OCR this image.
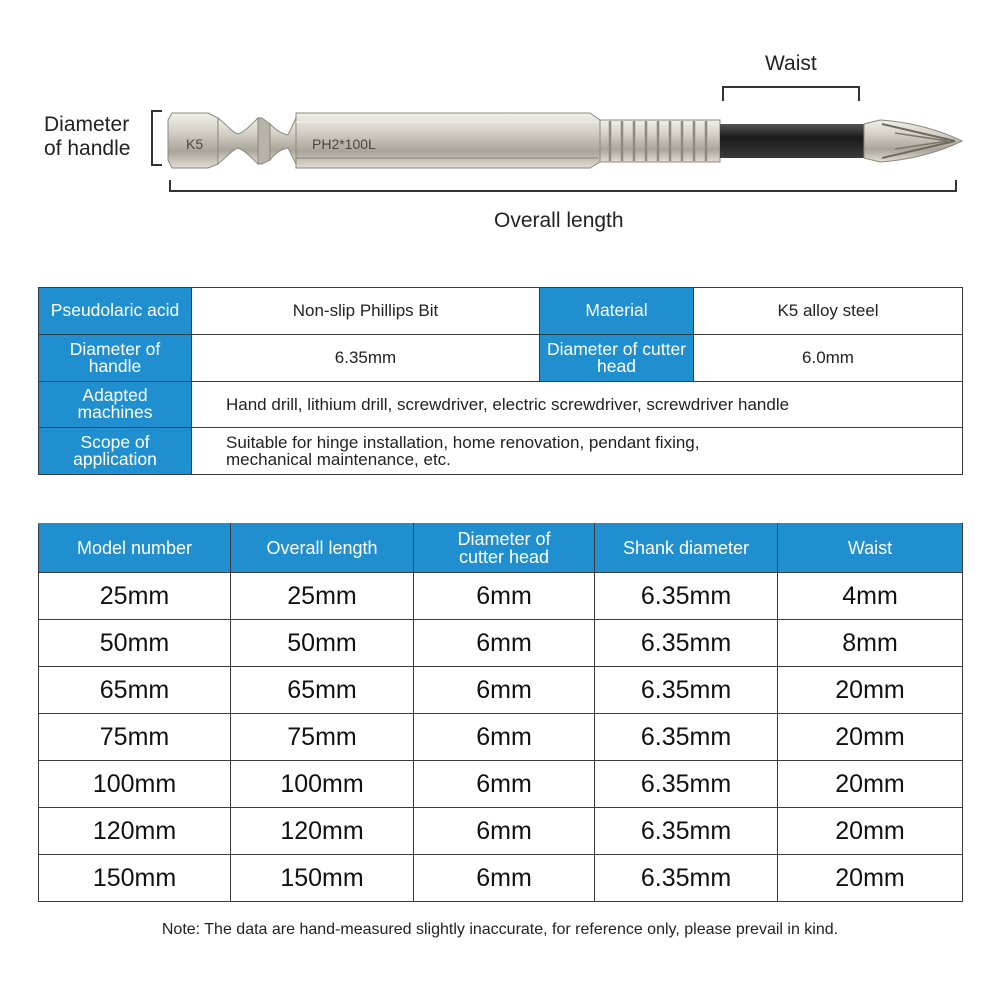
Diameter
of handle
Waist
Overall length
K5	PH2*100L
Pseudolaric acid	Non-slip Phillips Bit	Material	K5 alloy steel
Diameter of handle	6.35mm	Diameter of cutter head	6.0mm
Adapted machines	Hand drill, lithium drill, screwdriver, electric screwdriver, screwdriver handle		
Scope of application	Suitable for hinge installation, home renovation, pendant fixing, mechanical maintenance, etc.		
Model number	Overall length	Diameter of cutter head	Shank diameter	Waist
25mm	25mm	6mm	6.35mm	4mm
50mm	50mm	6mm	6.35mm	8mm
65mm	65mm	6mm	6.35mm	20mm
75mm	75mm	6mm	6.35mm	20mm
100mm	100mm	6mm	6.35mm	20mm
120mm	120mm	6mm	6.35mm	20mm
150mm	150mm	6mm	6.35mm	20mm
Note: The data are hand-measured slightly inaccurate, for reference only, please prevail in kind.
